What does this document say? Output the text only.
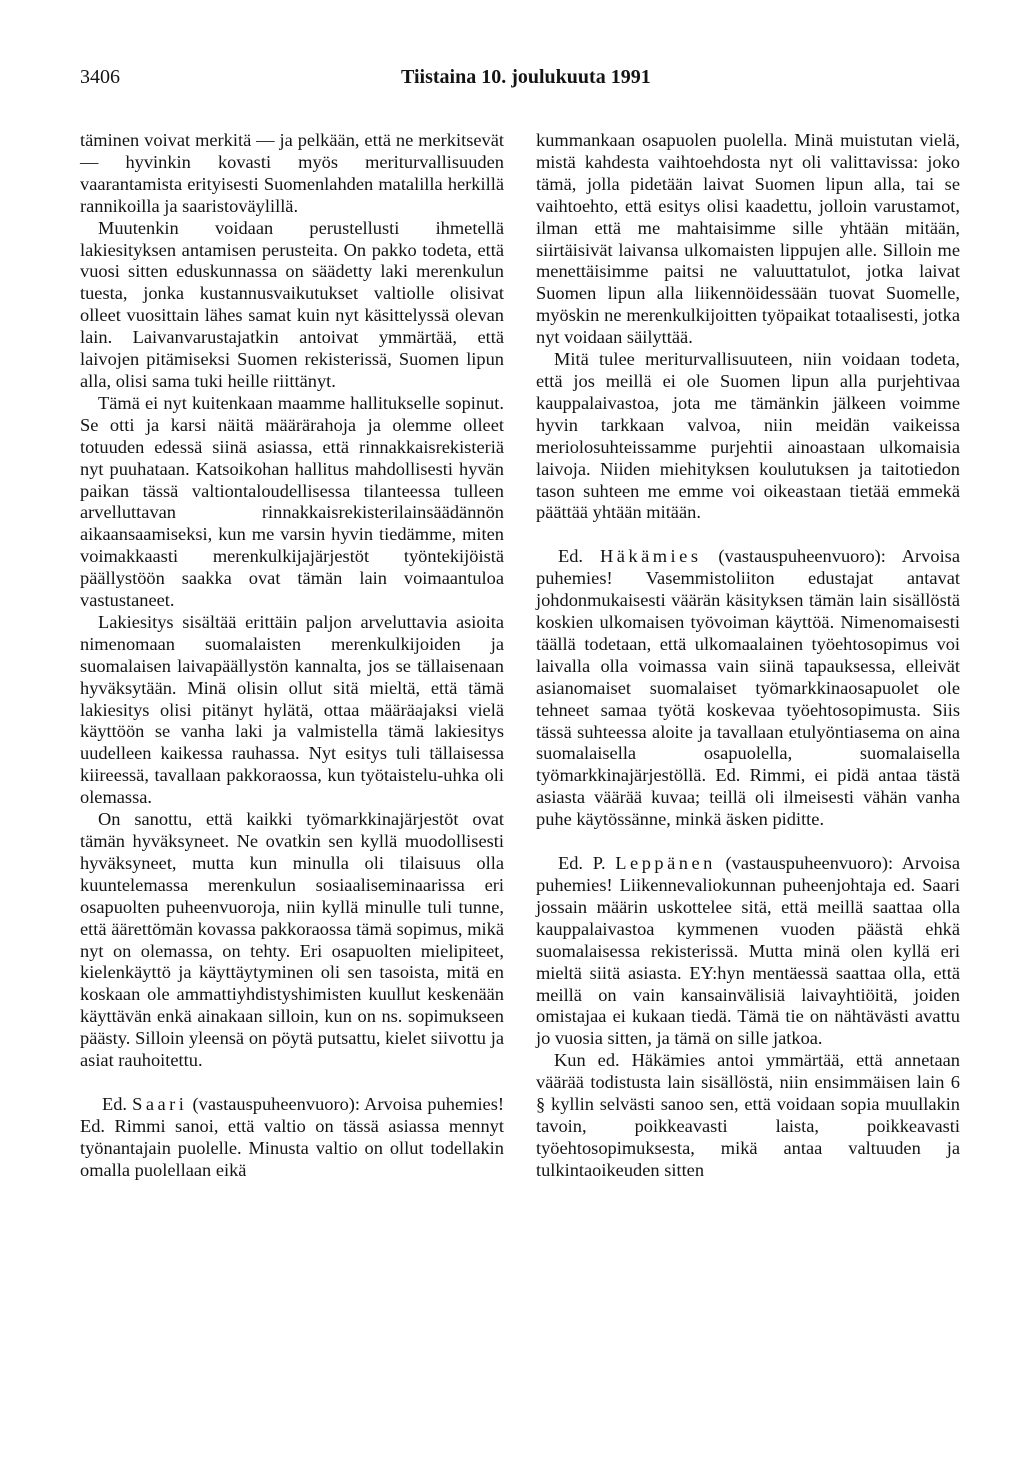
3406	Tiistaina 10. joulukuuta 1991

täminen voivat merkitä — ja pelkään, että ne merkitsevät — hyvinkin kovasti myös meriturvallisuuden vaarantamista erityisesti Suomenlahden matalilla herkillä rannikoilla ja saaristoväylillä.

Muutenkin voidaan perustellusti ihmetellä lakiesityksen antamisen perusteita. On pakko todeta, että vuosi sitten eduskunnassa on säädetty laki merenkulun tuesta, jonka kustannusvaikutukset valtiolle olisivat olleet vuosittain lähes samat kuin nyt käsittelyssä olevan lain. Laivanvarustajatkin antoivat ymmärtää, että laivojen pitämiseksi Suomen rekisterissä, Suomen lipun alla, olisi sama tuki heille riittänyt.

Tämä ei nyt kuitenkaan maamme hallitukselle sopinut. Se otti ja karsi näitä määrärahoja ja olemme olleet totuuden edessä siinä asiassa, että rinnakkaisrekisteriä nyt puuhataan. Katsoikohan hallitus mahdollisesti hyvän paikan tässä valtiontaloudellisessa tilanteessa tulleen arvelluttavan rinnakkaisrekisterilainsäädännön aikaansaamiseksi, kun me varsin hyvin tiedämme, miten voimakkaasti merenkulkijajärjestöt työntekijöistä päällystöön saakka ovat tämän lain voimaantuloa vastustaneet.

Lakiesitys sisältää erittäin paljon arveluttavia asioita nimenomaan suomalaisten merenkulkijoiden ja suomalaisen laivapäällystön kannalta, jos se tällaisenaan hyväksytään. Minä olisin ollut sitä mieltä, että tämä lakiesitys olisi pitänyt hylätä, ottaa määräajaksi vielä käyttöön se vanha laki ja valmistella tämä lakiesitys uudelleen kaikessa rauhassa. Nyt esitys tuli tällaisessa kiireessä, tavallaan pakkoraossa, kun työtaistelu-uhka oli olemassa.

On sanottu, että kaikki työmarkkinajärjestöt ovat tämän hyväksyneet. Ne ovatkin sen kyllä muodollisesti hyväksyneet, mutta kun minulla oli tilaisuus olla kuuntelemassa merenkulun sosiaaliseminaarissa eri osapuolten puheenvuoroja, niin kyllä minulle tuli tunne, että äärettömän kovassa pakkoraossa tämä sopimus, mikä nyt on olemassa, on tehty. Eri osapuolten mielipiteet, kielenkäyttö ja käyttäytyminen oli sen tasoista, mitä en koskaan ole ammattiyhdistyshimisten kuullut keskenään käyttävän enkä ainakaan silloin, kun on ns. sopimukseen päästy. Silloin yleensä on pöytä putsattu, kielet siivottu ja asiat rauhoitettu.

Ed. Saari (vastauspuheenvuoro): Arvoisa puhemies! Ed. Rimmi sanoi, että valtio on tässä asiassa mennyt työnantajain puolelle. Minusta valtio on ollut todellakin omalla puolellaan eikä

kummankaan osapuolen puolella. Minä muistutan vielä, mistä kahdesta vaihtoehdosta nyt oli valittavissa: joko tämä, jolla pidetään laivat Suomen lipun alla, tai se vaihtoehto, että esitys olisi kaadettu, jolloin varustamot, ilman että me mahtaisimme sille yhtään mitään, siirtäisivät laivansa ulkomaisten lippujen alle. Silloin me menettäisimme paitsi ne valuuttatulot, jotka laivat Suomen lipun alla liikennöidessään tuovat Suomelle, myöskin ne merenkulkijoitten työpaikat totaalisesti, jotka nyt voidaan säilyttää.

Mitä tulee meriturvallisuuteen, niin voidaan todeta, että jos meillä ei ole Suomen lipun alla purjehtivaa kauppalaivastoa, jota me tämänkin jälkeen voimme hyvin tarkkaan valvoa, niin meidän vaikeissa meriolosuhteissamme purjehtii ainoastaan ulkomaisia laivoja. Niiden miehityksen koulutuksen ja taitotiedon tason suhteen me emme voi oikeastaan tietää emmekä päättää yhtään mitään.

Ed. Häkämies (vastauspuheenvuoro): Arvoisa puhemies! Vasemmistoliiton edustajat antavat johdonmukaisesti väärän käsityksen tämän lain sisällöstä koskien ulkomaisen työvoiman käyttöä. Nimenomaisesti täällä todetaan, että ulkomaalainen työehtosopimus voi laivalla olla voimassa vain siinä tapauksessa, elleivät asianomaiset suomalaiset työmarkkinaosapuolet ole tehneet samaa työtä koskevaa työehtosopimusta. Siis tässä suhteessa aloite ja tavallaan etulyöntiasema on aina suomalaisella osapuolella, suomalaisella työmarkkinajärjestöllä. Ed. Rimmi, ei pidä antaa tästä asiasta väärää kuvaa; teillä oli ilmeisesti vähän vanha puhe käytössänne, minkä äsken piditte.

Ed. P. Leppänen (vastauspuheenvuoro): Arvoisa puhemies! Liikennevaliokunnan puheenjohtaja ed. Saari jossain määrin uskottelee sitä, että meillä saattaa olla kauppalaivastoa kymmenen vuoden päästä ehkä suomalaisessa rekisterissä. Mutta minä olen kyllä eri mieltä siitä asiasta. EY:hyn mentäessä saattaa olla, että meillä on vain kansainvälisiä laivayhtiöitä, joiden omistajaa ei kukaan tiedä. Tämä tie on nähtävästi avattu jo vuosia sitten, ja tämä on sille jatkoa.

Kun ed. Häkämies antoi ymmärtää, että annetaan väärää todistusta lain sisällöstä, niin ensimmäisen lain 6 § kyllin selvästi sanoo sen, että voidaan sopia muullakin tavoin, poikkeavasti laista, poikkeavasti työehtosopimuksesta, mikä antaa valtuuden ja tulkintaoikeuden sitten
